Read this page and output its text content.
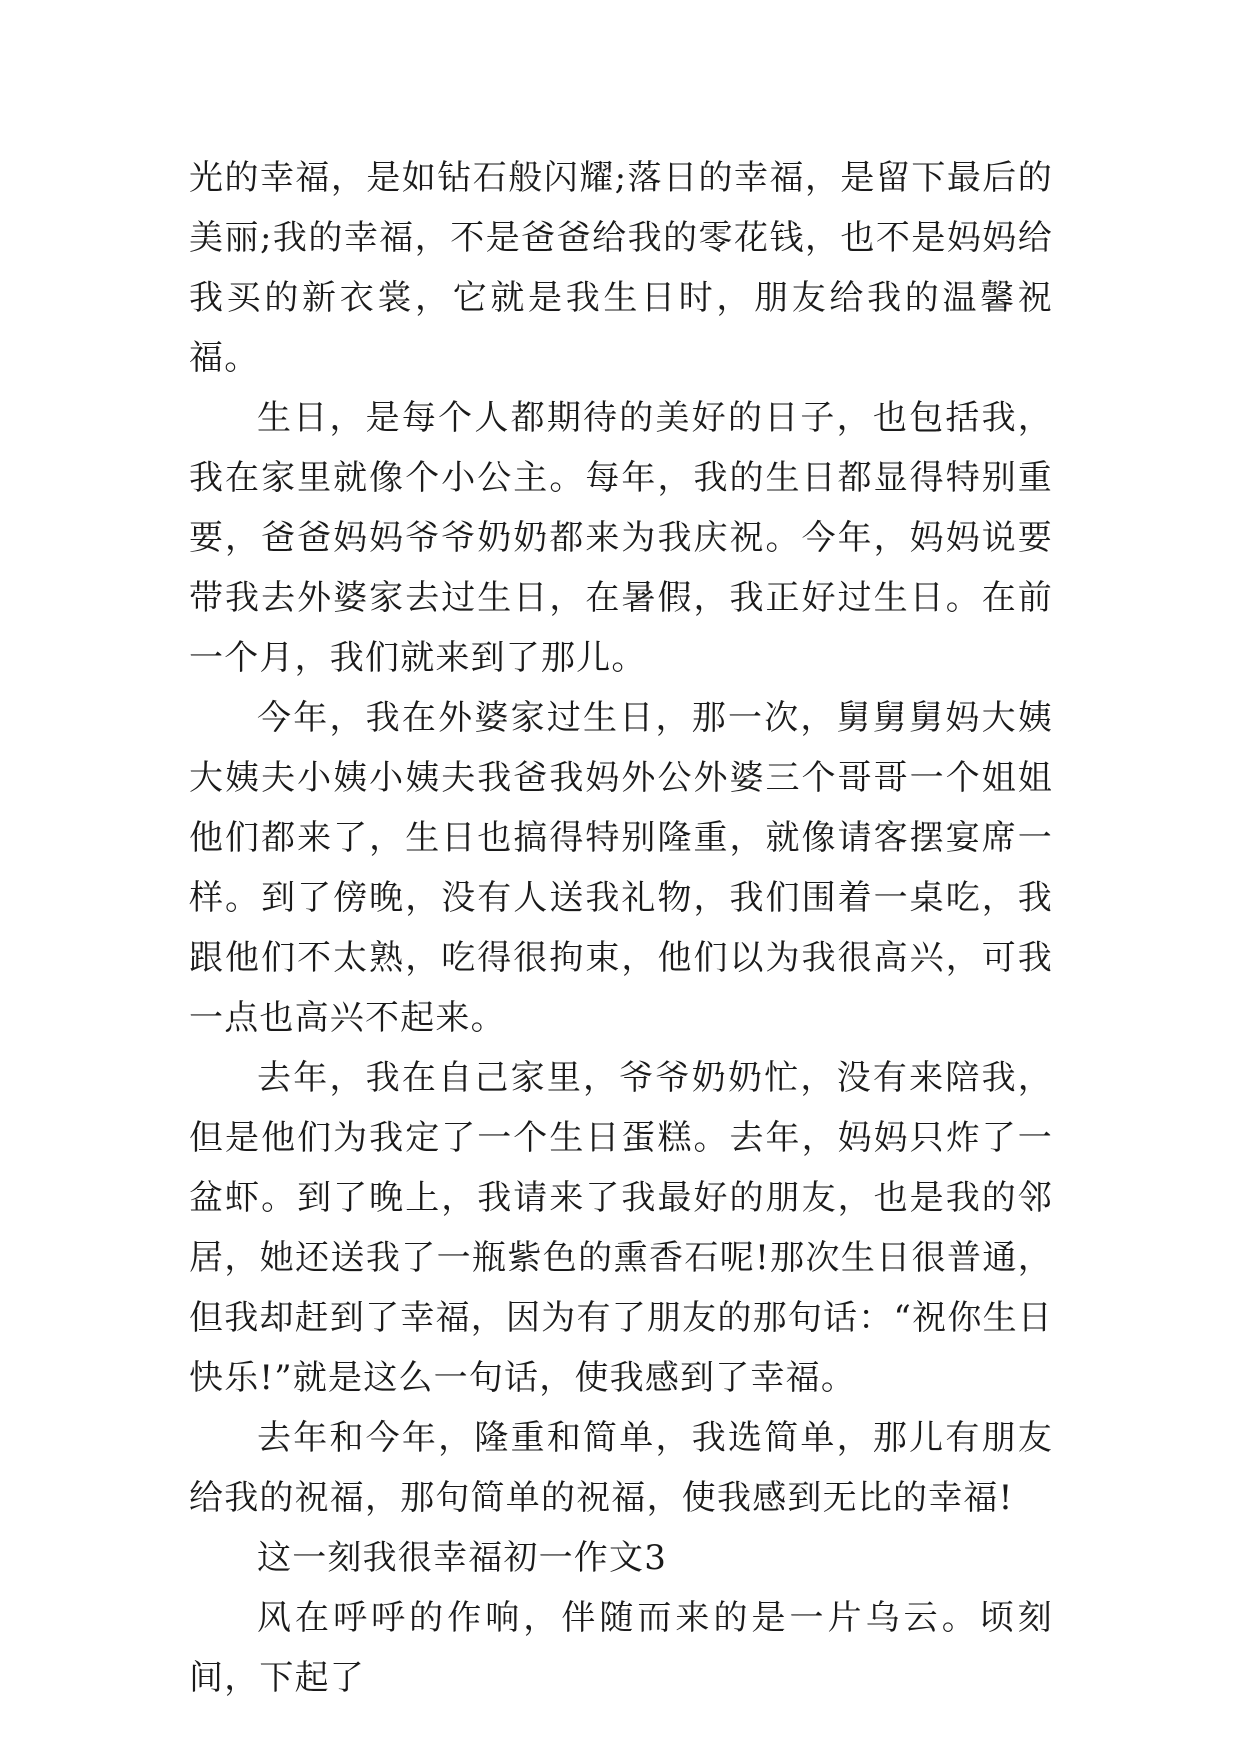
光的幸福，是如钻石般闪耀;落日的幸福，是留下最后的美丽;我的幸福，不是爸爸给我的零花钱，也不是妈妈给我买的新衣裳，它就是我生日时，朋友给我的温馨祝福。

生日，是每个人都期待的美好的日子，也包括我，我在家里就像个小公主。每年，我的生日都显得特别重要，爸爸妈妈爷爷奶奶都来为我庆祝。今年，妈妈说要带我去外婆家去过生日，在暑假，我正好过生日。在前一个月，我们就来到了那儿。

今年，我在外婆家过生日，那一次，舅舅舅妈大姨大姨夫小姨小姨夫我爸我妈外公外婆三个哥哥一个姐姐他们都来了，生日也搞得特别隆重，就像请客摆宴席一样。到了傍晚，没有人送我礼物，我们围着一桌吃，我跟他们不太熟，吃得很拘束，他们以为我很高兴，可我一点也高兴不起来。

去年，我在自己家里，爷爷奶奶忙，没有来陪我，但是他们为我定了一个生日蛋糕。去年，妈妈只炸了一盆虾。到了晚上，我请来了我最好的朋友，也是我的邻居，她还送我了一瓶紫色的熏香石呢!那次生日很普通，但我却赶到了幸福，因为有了朋友的那句话：“祝你生日快乐!”就是这么一句话，使我感到了幸福。

去年和今年，隆重和简单，我选简单，那儿有朋友给我的祝福，那句简单的祝福，使我感到无比的幸福!

这一刻我很幸福初一作文3

风在呼呼的作响，伴随而来的是一片乌云。顷刻间，下起了
